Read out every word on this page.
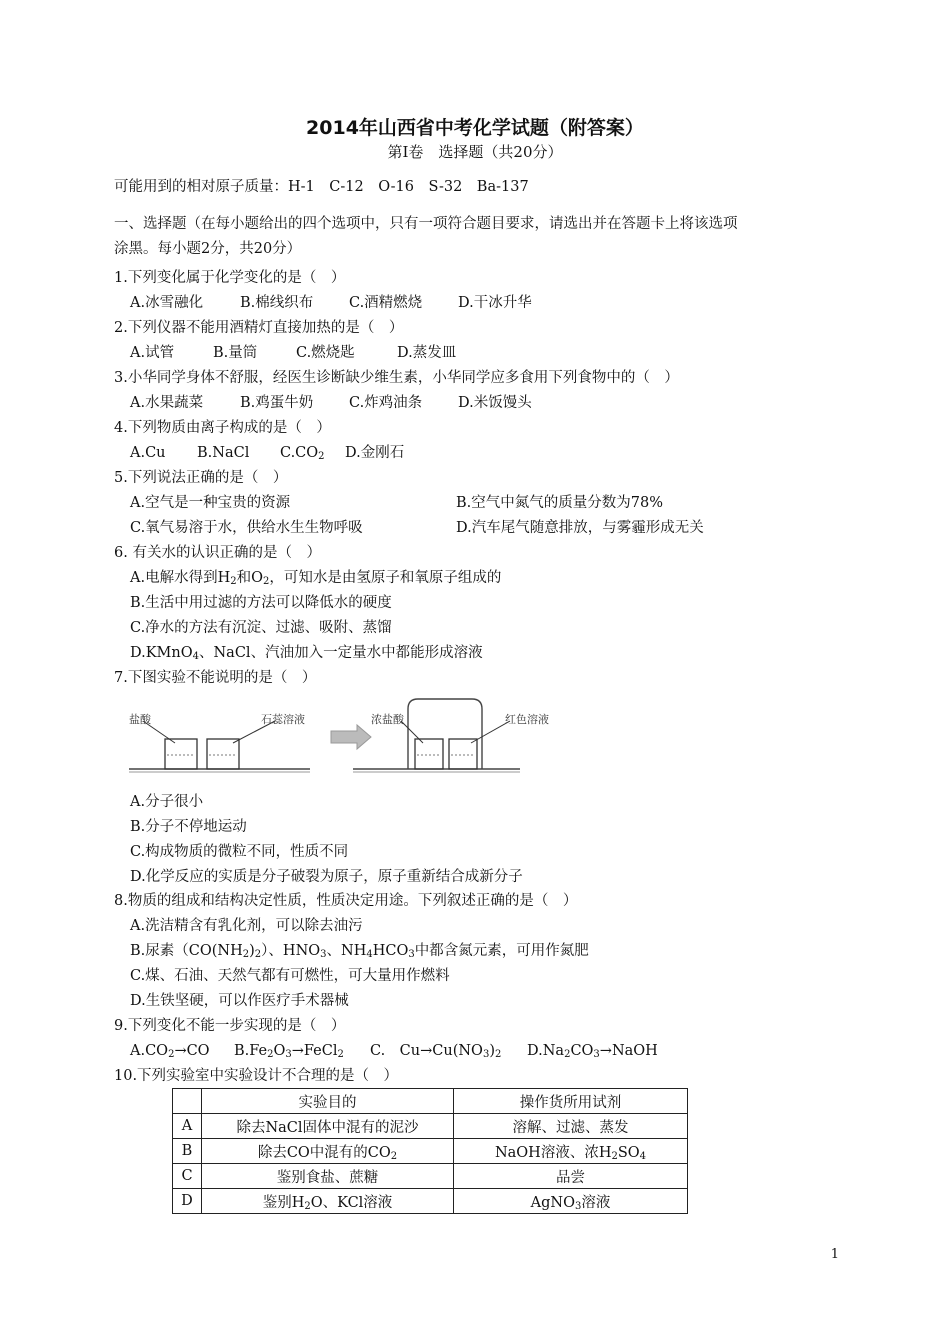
2014年山西省中考化学试题（附答案）
第Ⅰ卷　选择题（共20分）
可能用到的相对原子质量：H-1　C-12　O-16　S-32　Ba-137
一、选择题（在每小题给出的四个选项中，只有一项符合题目要求，请选出并在答题卡上将该选项
涂黑。每小题2分，共20分）
1.下列变化属于化学变化的是（　）
A.冰雪融化	B.棉线织布 C.酒精燃烧 D.干冰升华
2.下列仪器不能用酒精灯直接加热的是（　）
A.试管	B.量筒	C.燃烧匙	D.蒸发皿
3.小华同学身体不舒服，经医生诊断缺少维生素，小华同学应多食用下列食物中的（　）
A.水果蔬菜	B.鸡蛋牛奶 C.炸鸡油条 D.米饭馒头
4.下列物质由离子构成的是（　）
A.Cu B.NaCl $C.CO_2$ D.金刚石
5.下列说法正确的是（　）
A.空气是一种宝贵的资源	B.空气中氮气的质量分数为78%
C.氧气易溶于水，供给水生生物呼吸	D.汽车尾气随意排放，与雾霾形成无关
6. 有关水的认识正确的是（　）
A.电解水得到$H_2$和$O_2$，可知水是由氢原子和氧原子组成的
B.生活中用过滤的方法可以降低水的硬度
C.净水的方法有沉淀、过滤、吸附、蒸馏
D.KMnO$_4$、NaCl、汽油加入一定量水中都能形成溶液
7.下图实验不能说明的是（　）
盐酸	石蕊溶液	浓盐酸	红色溶液
A.分子很小
B.分子不停地运动
C.构成物质的微粒不同，性质不同
D.化学反应的实质是分子破裂为原子，原子重新结合成新分子
8.物质的组成和结构决定性质，性质决定用途。下列叙述正确的是（　）
A.洗洁精含有乳化剂，可以除去油污
B.尿素$(CO(NH_2)_2)$、$HNO_3$、$NH_4HCO_3$中都含氮元素，可用作氮肥
C.煤、石油、天然气都有可燃性，可大量用作燃料
D.生铁坚硬，可以作医疗手术器械
9.下列变化不能一步实现的是（　）
$A.CO_2\to CO$ $B.Fe_2O_3\to FeCl_2$ C.　$Cu\to Cu(NO_3)_2$ $D.Na_2CO_3\to NaOH$
10.下列实验室中实验设计不合理的是（　）
	实验目的	操作货所用试剂
A	除去NaCl固体中混有的泥沙	溶解、过滤、蒸发
B	除去CO中混有的$CO_2$	NaOH溶液、浓$H_2SO_4$
C	鉴别食盐、蔗糖	品尝
D	鉴别$H_2O$、KCl溶液	AgNO$_3$溶液
1
